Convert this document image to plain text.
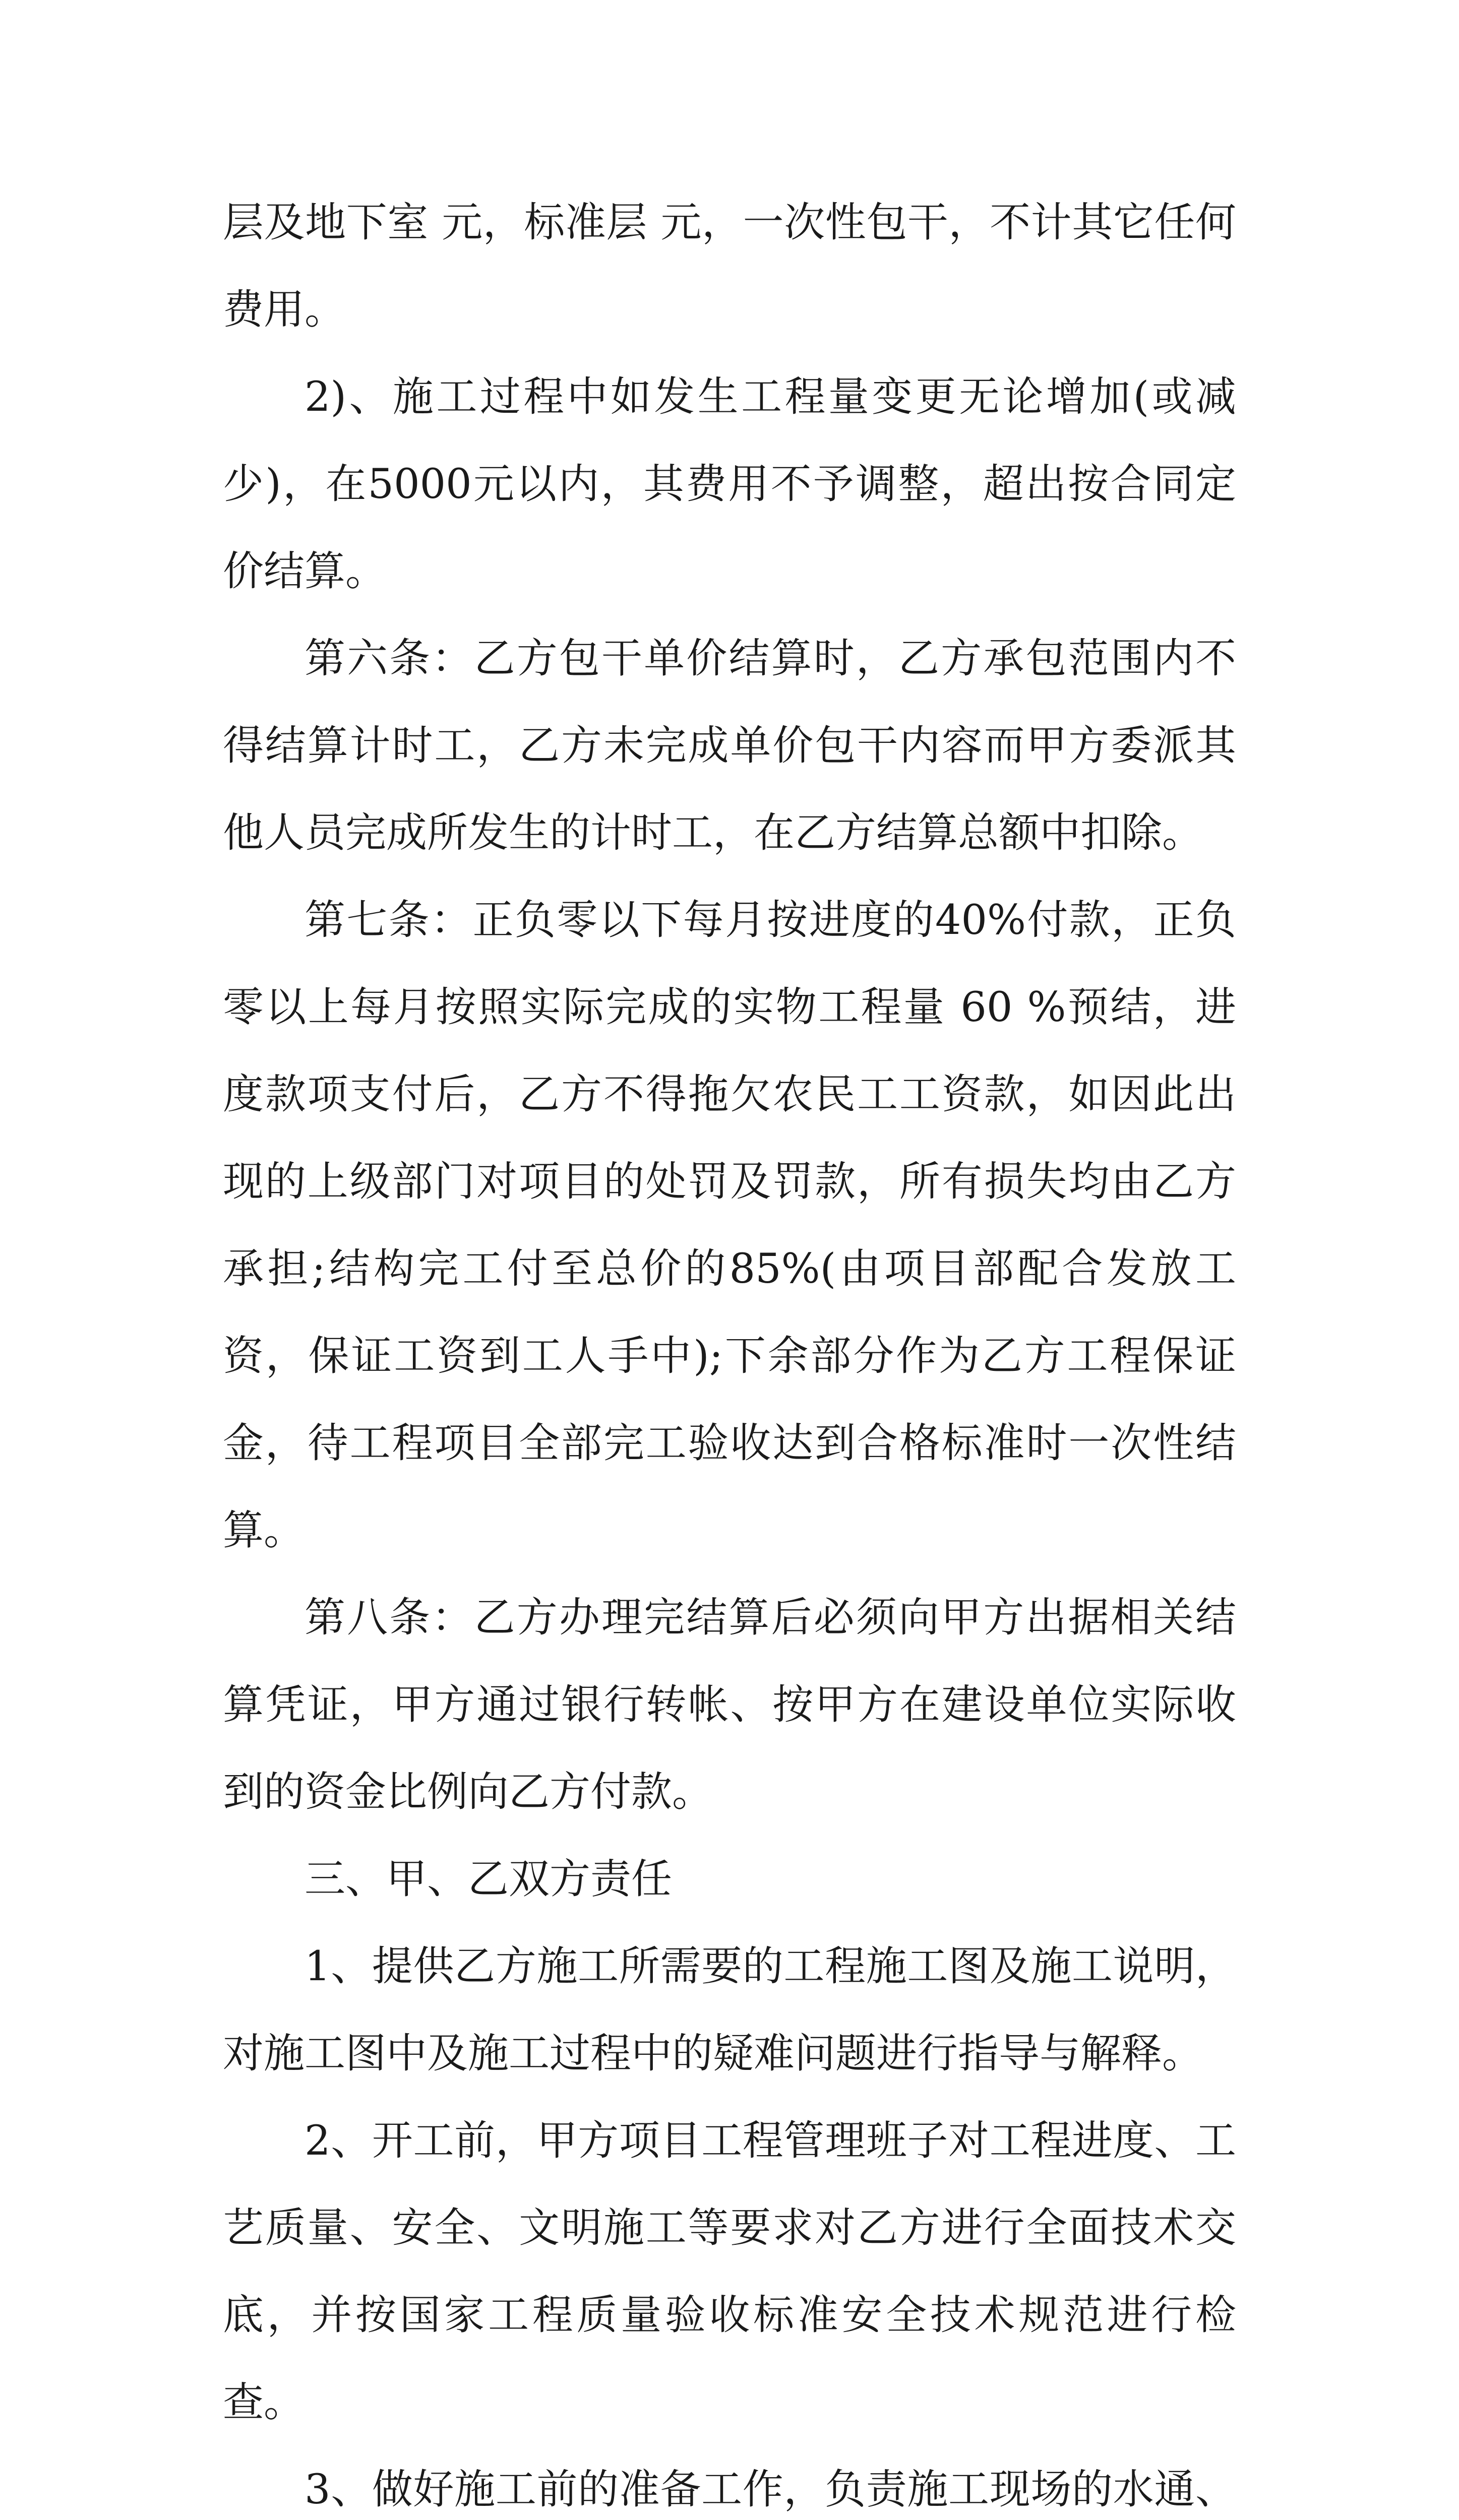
层及地下室 元，标准层 元，一次性包干，不计其它任何费用。

2)、施工过程中如发生工程量变更无论增加(或减少)，在5000元以内，其费用不予调整，超出按合同定价结算。

第六条：乙方包干单价结算时，乙方承包范围内不得结算计时工，乙方未完成单价包干内容而甲方委派其他人员完成所发生的计时工，在乙方结算总额中扣除。

第七条：正负零以下每月按进度的40%付款，正负零以上每月按照实际完成的实物工程量 60 %预结，进度款项支付后，乙方不得拖欠农民工工资款，如因此出现的上级部门对项目的处罚及罚款，所有损失均由乙方承担;结构完工付至总价的85%(由项目部配合发放工资，保证工资到工人手中);下余部分作为乙方工程保证金，待工程项目全部完工验收达到合格标准时一次性结算。

第八条：乙方办理完结算后必须向甲方出据相关结算凭证，甲方通过银行转帐、按甲方在建设单位实际收到的资金比例向乙方付款。

三、甲、乙双方责任

1、提供乙方施工所需要的工程施工图及施工说明，对施工图中及施工过程中的疑难问题进行指导与解释。

2、开工前，甲方项目工程管理班子对工程进度、工艺质量、安全、文明施工等要求对乙方进行全面技术交底，并按国家工程质量验收标准安全技术规范进行检查。

3、做好施工前的准备工作，负责施工现场的水通、
